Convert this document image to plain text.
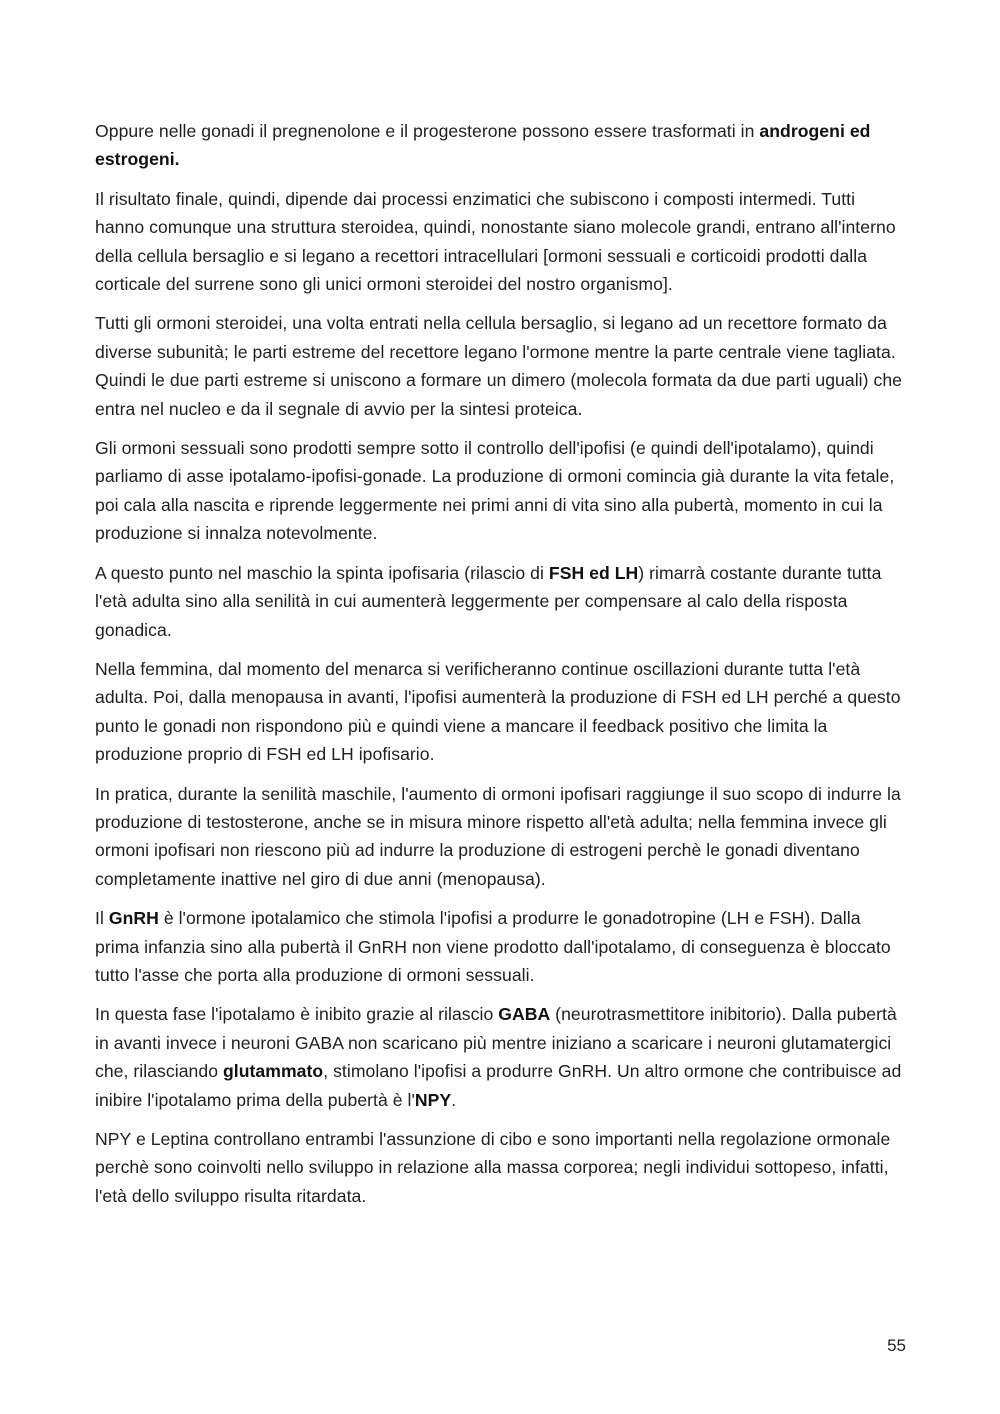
Oppure nelle gonadi il pregnenolone e il progesterone possono essere trasformati in androgeni ed estrogeni.

Il risultato finale, quindi, dipende dai processi enzimatici che subiscono i composti intermedi. Tutti hanno comunque una struttura steroidea, quindi, nonostante siano molecole grandi, entrano all'interno della cellula bersaglio e si legano a recettori intracellulari [ormoni sessuali e corticoidi prodotti dalla corticale del surrene sono gli unici ormoni steroidei del nostro organismo].

Tutti gli ormoni steroidei, una volta entrati nella cellula bersaglio, si legano ad un recettore formato da diverse subunità; le parti estreme del recettore legano l'ormone mentre la parte centrale viene tagliata. Quindi le due parti estreme si uniscono a formare un dimero (molecola formata da due parti uguali) che entra nel nucleo e da il segnale di avvio per la sintesi proteica.

Gli ormoni sessuali sono prodotti sempre sotto il controllo dell'ipofisi (e quindi dell'ipotalamo), quindi parliamo di asse ipotalamo-ipofisi-gonade. La produzione di ormoni comincia già durante la vita fetale, poi cala alla nascita e riprende leggermente nei primi anni di vita sino alla pubertà, momento in cui la produzione si innalza notevolmente.

A questo punto nel maschio la spinta ipofisaria (rilascio di FSH ed LH) rimarrà costante durante tutta l'età adulta sino alla senilità in cui aumenterà leggermente per compensare al calo della risposta gonadica.

Nella femmina, dal momento del menarca si verificheranno continue oscillazioni durante tutta l'età adulta. Poi, dalla menopausa in avanti, l'ipofisi aumenterà la produzione di FSH ed LH perché a questo punto le gonadi non rispondono più e quindi viene a mancare il feedback positivo che limita la produzione proprio di FSH ed LH ipofisario.

In pratica, durante la senilità maschile, l'aumento di ormoni ipofisari raggiunge il suo scopo di indurre la produzione di testosterone, anche se in misura minore rispetto all'età adulta; nella femmina invece gli ormoni ipofisari non riescono più ad indurre la produzione di estrogeni perchè le gonadi diventano completamente inattive nel giro di due anni (menopausa).

Il GnRH è l'ormone ipotalamico che stimola l'ipofisi a produrre le gonadotropine (LH e FSH). Dalla prima infanzia sino alla pubertà il GnRH non viene prodotto dall'ipotalamo, di conseguenza è bloccato tutto l'asse che porta alla produzione di ormoni sessuali.

In questa fase l'ipotalamo è inibito grazie al rilascio GABA (neurotrasmettitore inibitorio). Dalla pubertà in avanti invece i neuroni GABA non scaricano più mentre iniziano a scaricare i neuroni glutamatergici che, rilasciando glutammato, stimolano l'ipofisi a produrre GnRH. Un altro ormone che contribuisce ad inibire l'ipotalamo prima della pubertà è l'NPY.

NPY e Leptina controllano entrambi l'assunzione di cibo e sono importanti nella regolazione ormonale perchè sono coinvolti nello sviluppo in relazione alla massa corporea; negli individui sottopeso, infatti, l'età dello sviluppo risulta ritardata.

55
